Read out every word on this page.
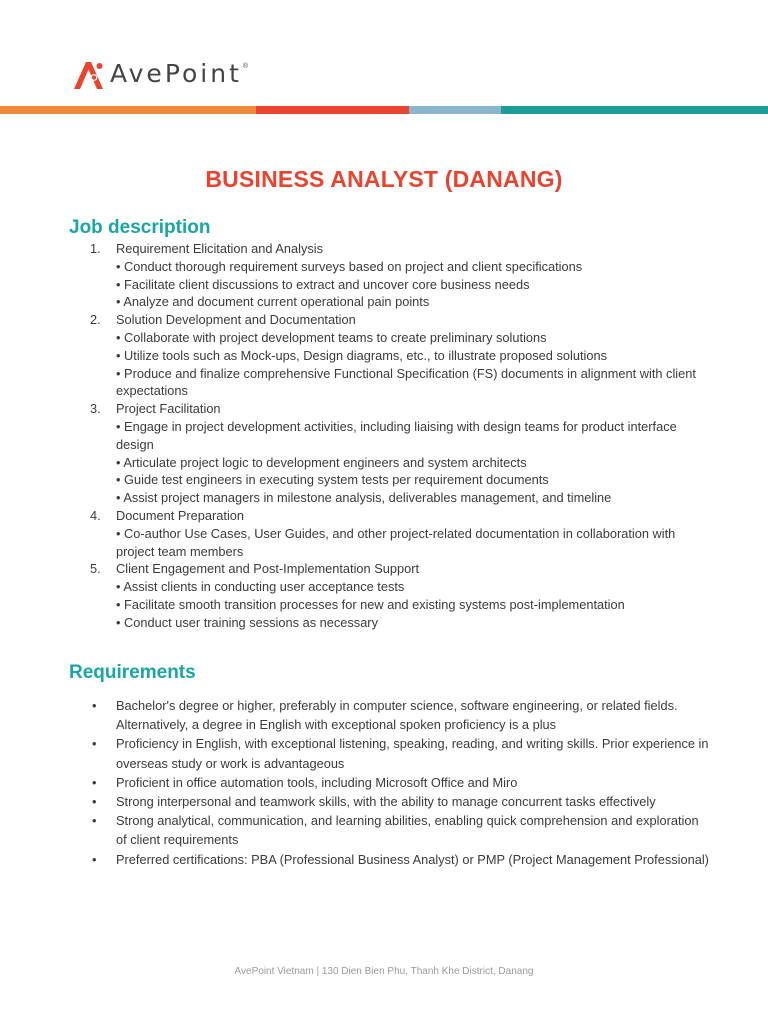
AvePoint ®
BUSINESS ANALYST (DANANG)
Job description
1.	Requirement Elicitation and Analysis
• Conduct thorough requirement surveys based on project and client specifications
• Facilitate client discussions to extract and uncover core business needs
• Analyze and document current operational pain points
2.	Solution Development and Documentation
• Collaborate with project development teams to create preliminary solutions
• Utilize tools such as Mock-ups, Design diagrams, etc., to illustrate proposed solutions
• Produce and finalize comprehensive Functional Specification (FS) documents in alignment with client expectations
3.	Project Facilitation
• Engage in project development activities, including liaising with design teams for product interface design
• Articulate project logic to development engineers and system architects
• Guide test engineers in executing system tests per requirement documents
• Assist project managers in milestone analysis, deliverables management, and timeline
4.	Document Preparation
• Co-author Use Cases, User Guides, and other project-related documentation in collaboration with project team members
5.	Client Engagement and Post-Implementation Support
• Assist clients in conducting user acceptance tests
• Facilitate smooth transition processes for new and existing systems post-implementation
• Conduct user training sessions as necessary
Requirements
•	Bachelor's degree or higher, preferably in computer science, software engineering, or related fields. Alternatively, a degree in English with exceptional spoken proficiency is a plus
•	Proficiency in English, with exceptional listening, speaking, reading, and writing skills. Prior experience in overseas study or work is advantageous
•	Proficient in office automation tools, including Microsoft Office and Miro
•	Strong interpersonal and teamwork skills, with the ability to manage concurrent tasks effectively
•	Strong analytical, communication, and learning abilities, enabling quick comprehension and exploration of client requirements
•	Preferred certifications: PBA (Professional Business Analyst) or PMP (Project Management Professional)
AvePoint Vietnam | 130 Dien Bien Phu, Thanh Khe District, Danang
